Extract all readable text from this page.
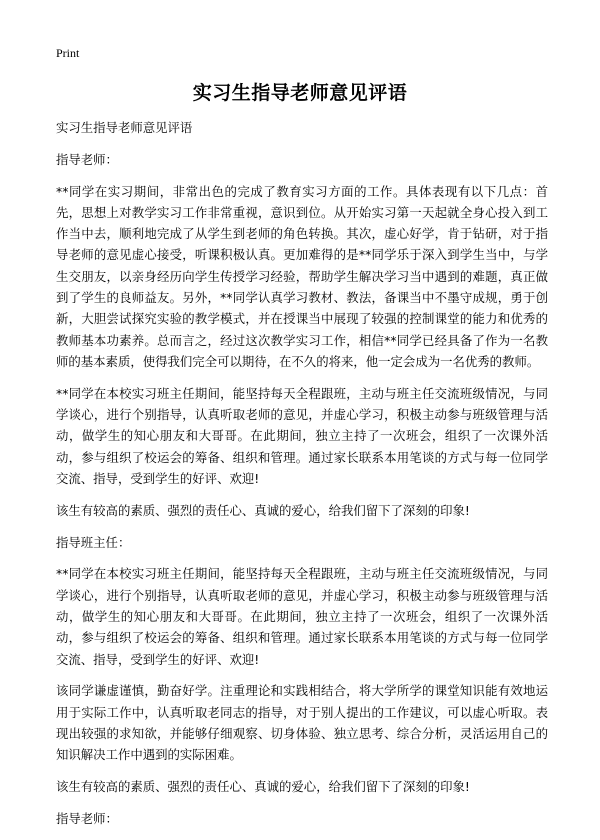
Print
实习生指导老师意见评语

实习生指导老师意见评语

指导老师：

**同学在实习期间，非常出色的完成了教育实习方面的工作。具体表现有以下几点：首先，思想上对教学实习工作非常重视，意识到位。从开始实习第一天起就全身心投入到工作当中去，顺利地完成了从学生到老师的角色转换。其次，虚心好学，肯于钻研，对于指导老师的意见虚心接受，听课积极认真。更加难得的是**同学乐于深入到学生当中，与学生交朋友，以亲身经历向学生传授学习经验，帮助学生解决学习当中遇到的难题，真正做到了学生的良师益友。另外，**同学认真学习教材、教法，备课当中不墨守成规，勇于创新，大胆尝试探究实验的教学模式，并在授课当中展现了较强的控制课堂的能力和优秀的教师基本功素养。总而言之，经过这次教学实习工作，相信**同学已经具备了作为一名教师的基本素质，使得我们完全可以期待，在不久的将来，他一定会成为一名优秀的教师。

**同学在本校实习班主任期间，能坚持每天全程跟班，主动与班主任交流班级情况，与同学谈心，进行个别指导，认真听取老师的意见，并虚心学习，积极主动参与班级管理与活动，做学生的知心朋友和大哥哥。在此期间，独立主持了一次班会，组织了一次课外活动，参与组织了校运会的筹备、组织和管理。通过家长联系本用笔谈的方式与每一位同学交流、指导，受到学生的好评、欢迎!

该生有较高的素质、强烈的责任心、真诚的爱心，给我们留下了深刻的印象!

指导班主任：

**同学在本校实习班主任期间，能坚持每天全程跟班，主动与班主任交流班级情况，与同学谈心，进行个别指导，认真听取老师的意见，并虚心学习，积极主动参与班级管理与活动，做学生的知心朋友和大哥哥。在此期间，独立主持了一次班会，组织了一次课外活动，参与组织了校运会的筹备、组织和管理。通过家长联系本用笔谈的方式与每一位同学交流、指导，受到学生的好评、欢迎!

该同学谦虚谨慎，勤奋好学。注重理论和实践相结合，将大学所学的课堂知识能有效地运用于实际工作中，认真听取老同志的指导，对于别人提出的工作建议，可以虚心听取。表现出较强的求知欲，并能够仔细观察、切身体验、独立思考、综合分析，灵活运用自己的知识解决工作中遇到的实际困难。

该生有较高的素质、强烈的责任心、真诚的爱心，给我们留下了深刻的印象!

指导老师：
